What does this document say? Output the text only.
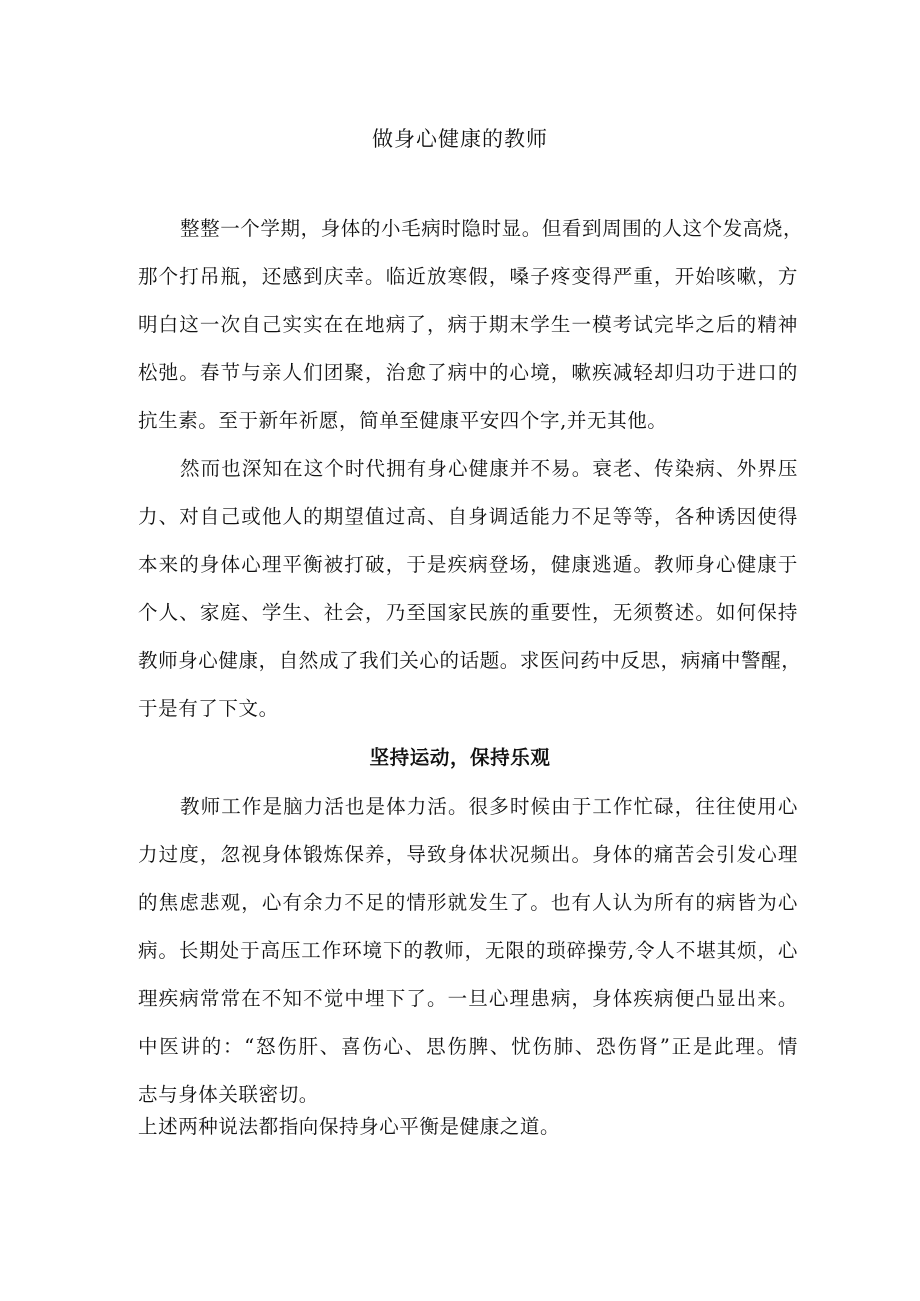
做身心健康的教师

整整一个学期，身体的小毛病时隐时显。但看到周围的人这个发高烧，

那个打吊瓶，还感到庆幸。临近放寒假，嗓子疼变得严重，开始咳嗽，方

明白这一次自己实实在在地病了，病于期末学生一模考试完毕之后的精神

松弛。春节与亲人们团聚，治愈了病中的心境，嗽疾减轻却归功于进口的

抗生素。至于新年祈愿，简单至健康平安四个字,并无其他。

然而也深知在这个时代拥有身心健康并不易。衰老、传染病、外界压

力、对自己或他人的期望值过高、自身调适能力不足等等，各种诱因使得

本来的身体心理平衡被打破，于是疾病登场，健康逃遁。教师身心健康于

个人、家庭、学生、社会，乃至国家民族的重要性，无须赘述。如何保持

教师身心健康，自然成了我们关心的话题。求医问药中反思，病痛中警醒，

于是有了下文。

坚持运动，保持乐观

教师工作是脑力活也是体力活。很多时候由于工作忙碌，往往使用心

力过度，忽视身体锻炼保养，导致身体状况频出。身体的痛苦会引发心理

的焦虑悲观，心有余力不足的情形就发生了。也有人认为所有的病皆为心

病。长期处于高压工作环境下的教师，无限的琐碎操劳,令人不堪其烦，心

理疾病常常在不知不觉中埋下了。一旦心理患病，身体疾病便凸显出来。

中医讲的：“怒伤肝、喜伤心、思伤脾、忧伤肺、恐伤肾”正是此理。情

志与身体关联密切。

上述两种说法都指向保持身心平衡是健康之道。
